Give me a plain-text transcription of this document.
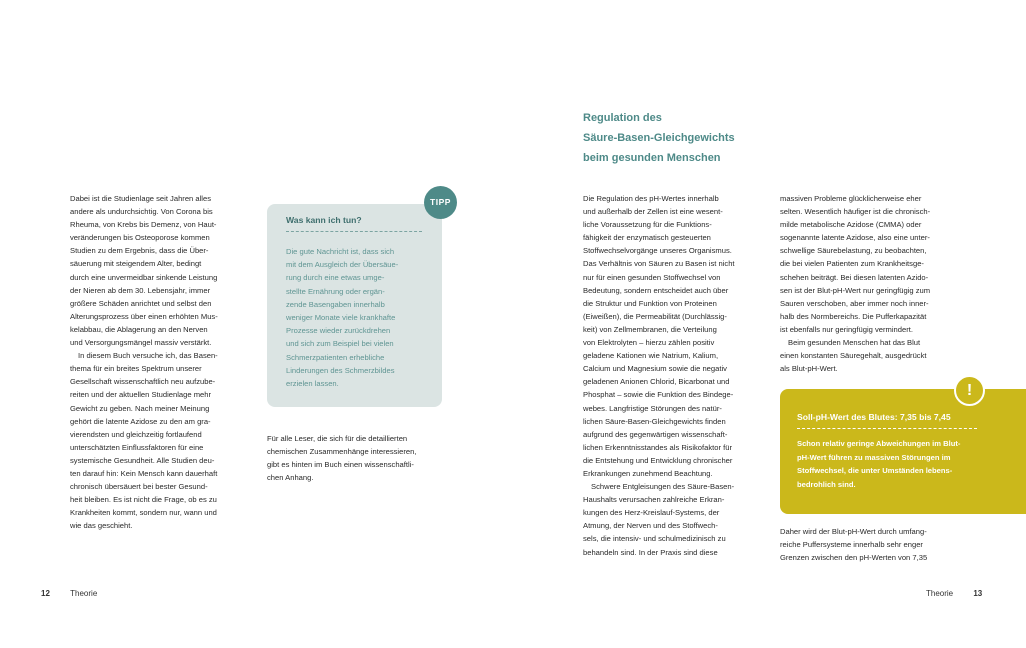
Dabei ist die Studienlage seit Jahren alles
andere als undurchsichtig. Von Corona bis
Rheuma, von Krebs bis Demenz, von Haut-
veränderungen bis Osteoporose kommen
Studien zu dem Ergebnis, dass die Über-
säuerung mit steigendem Alter, bedingt
durch eine unvermeidbar sinkende Leistung
der Nieren ab dem 30. Lebensjahr, immer
größere Schäden anrichtet und selbst den
Alterungsprozess über einen erhöhten Mus-
kelabbau, die Ablagerung an den Nerven
und Versorgungsmängel massiv verstärkt.

In diesem Buch versuche ich, das Basen-
thema für ein breites Spektrum unserer
Gesellschaft wissenschaftlich neu aufzube-
reiten und der aktuellen Studienlage mehr
Gewicht zu geben. Nach meiner Meinung
gehört die latente Azidose zu den am gra-
vierendsten und gleichzeitig fortlaufend
unterschätzten Einflussfaktoren für eine
systemische Gesundheit. Alle Studien deu-
ten darauf hin: Kein Mensch kann dauerhaft
chronisch übersäuert bei bester Gesund-
heit bleiben. Es ist nicht die Frage, ob es zu
Krankheiten kommt, sondern nur, wann und
wie das geschieht.

TIPP
Was kann ich tun?
Die gute Nachricht ist, dass sich
mit dem Ausgleich der Übersäue-
rung durch eine etwas umge-
stellte Ernährung oder ergän-
zende Basengaben innerhalb
weniger Monate viele krankhafte
Prozesse wieder zurückdrehen
und sich zum Beispiel bei vielen
Schmerzpatienten erhebliche
Linderungen des Schmerzbildes
erzielen lassen.
Für alle Leser, die sich für die detaillierten
chemischen Zusammenhänge interessieren,
gibt es hinten im Buch einen wissenschaftli-
chen Anhang.
12	Theorie
Regulation des
Säure-Basen-Gleichgewichts
beim gesunden Menschen

Die Regulation des pH-Wertes innerhalb
und außerhalb der Zellen ist eine wesent-
liche Voraussetzung für die Funktions-
fähigkeit der enzymatisch gesteuerten
Stoffwechselvorgänge unseres Organismus.
Das Verhältnis von Säuren zu Basen ist nicht
nur für einen gesunden Stoffwechsel von
Bedeutung, sondern entscheidet auch über
die Struktur und Funktion von Proteinen
(Eiweißen), die Permeabilität (Durchlässig-
keit) von Zellmembranen, die Verteilung
von Elektrolyten – hierzu zählen positiv
geladene Kationen wie Natrium, Kalium,
Calcium und Magnesium sowie die negativ
geladenen Anionen Chlorid, Bicarbonat und
Phosphat – sowie die Funktion des Bindege-
webes. Langfristige Störungen des natür-
lichen Säure-Basen-Gleichgewichts finden
aufgrund des gegenwärtigen wissenschaft-
lichen Erkenntnisstandes als Risikofaktor für
die Entstehung und Entwicklung chronischer
Erkrankungen zunehmend Beachtung.

Schwere Entgleisungen des Säure-Basen-
Haushalts verursachen zahlreiche Erkran-
kungen des Herz-Kreislauf-Systems, der
Atmung, der Nerven und des Stoffwech-
sels, die intensiv- und schulmedizinisch zu
behandeln sind. In der Praxis sind diese

massiven Probleme glücklicherweise eher
selten. Wesentlich häufiger ist die chronisch-
milde metabolische Azidose (CMMA) oder
sogenannte latente Azidose, also eine unter-
schwellige Säurebelastung, zu beobachten,
die bei vielen Patienten zum Krankheitsge-
schehen beiträgt. Bei diesen latenten Azido-
sen ist der Blut-pH-Wert nur geringfügig zum
Sauren verschoben, aber immer noch inner-
halb des Normbereichs. Die Pufferkapazität
ist ebenfalls nur geringfügig vermindert.

Beim gesunden Menschen hat das Blut
einen konstanten Säuregehalt, ausgedrückt
als Blut-pH-Wert.

!
Soll-pH-Wert des Blutes: 7,35 bis 7,45
Schon relativ geringe Abweichungen im Blut-
pH-Wert führen zu massiven Störungen im
Stoffwechsel, die unter Umständen lebens-
bedrohlich sind.
Daher wird der Blut-pH-Wert durch umfang-
reiche Puffersysteme innerhalb sehr enger
Grenzen zwischen den pH-Werten von 7,35
Theorie	13
